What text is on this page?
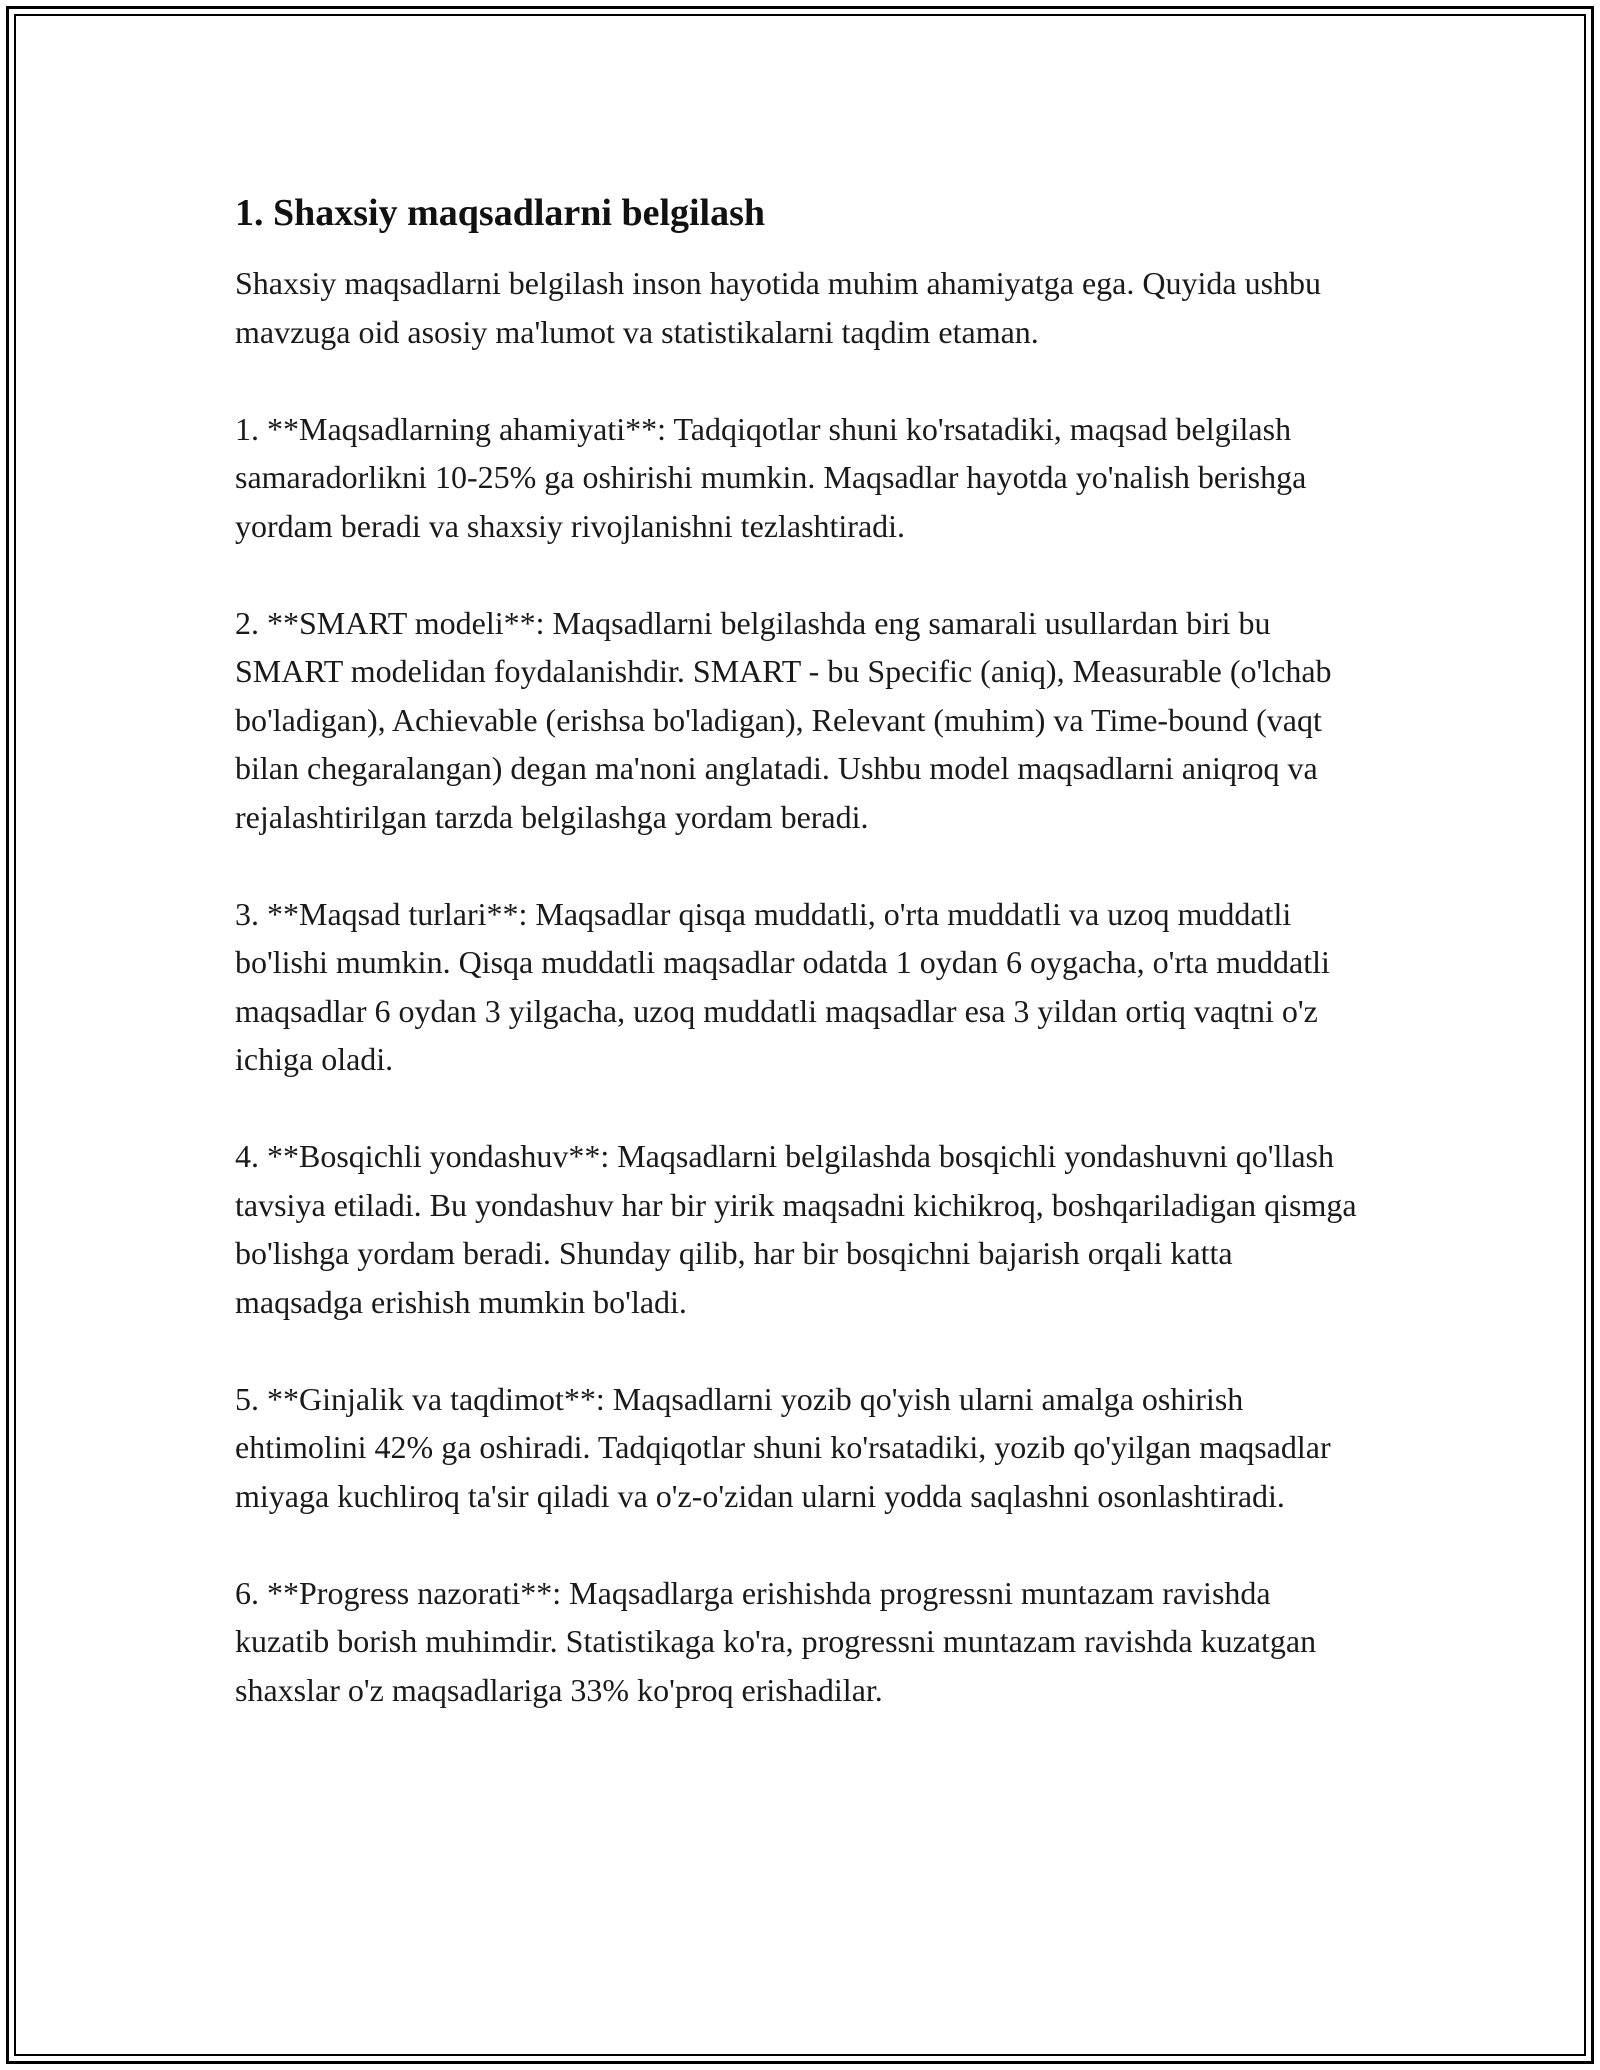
1. Shaxsiy maqsadlarni belgilash

Shaxsiy maqsadlarni belgilash inson hayotida muhim ahamiyatga ega. Quyida ushbu mavzuga oid asosiy ma'lumot va statistikalarni taqdim etaman.

1. **Maqsadlarning ahamiyati**: Tadqiqotlar shuni ko'rsatadiki, maqsad belgilash samaradorlikni 10-25% ga oshirishi mumkin. Maqsadlar hayotda yo'nalish berishga yordam beradi va shaxsiy rivojlanishni tezlashtiradi.

2. **SMART modeli**: Maqsadlarni belgilashda eng samarali usullardan biri bu SMART modelidan foydalanishdir. SMART - bu Specific (aniq), Measurable (o'lchab bo'ladigan), Achievable (erishsa bo'ladigan), Relevant (muhim) va Time-bound (vaqt bilan chegaralangan) degan ma'noni anglatadi. Ushbu model maqsadlarni aniqroq va rejalashtirilgan tarzda belgilashga yordam beradi.

3. **Maqsad turlari**: Maqsadlar qisqa muddatli, o'rta muddatli va uzoq muddatli bo'lishi mumkin. Qisqa muddatli maqsadlar odatda 1 oydan 6 oygacha, o'rta muddatli maqsadlar 6 oydan 3 yilgacha, uzoq muddatli maqsadlar esa 3 yildan ortiq vaqtni o'z ichiga oladi.

4. **Bosqichli yondashuv**: Maqsadlarni belgilashda bosqichli yondashuvni qo'llash tavsiya etiladi. Bu yondashuv har bir yirik maqsadni kichikroq, boshqariladigan qismga bo'lishga yordam beradi. Shunday qilib, har bir bosqichni bajarish orqali katta maqsadga erishish mumkin bo'ladi.

5. **Ginjalik va taqdimot**: Maqsadlarni yozib qo'yish ularni amalga oshirish ehtimolini 42% ga oshiradi. Tadqiqotlar shuni ko'rsatadiki, yozib qo'yilgan maqsadlar miyaga kuchliroq ta'sir qiladi va o'z-o'zidan ularni yodda saqlashni osonlashtiradi.

6. **Progress nazorati**: Maqsadlarga erishishda progressni muntazam ravishda kuzatib borish muhimdir. Statistikaga ko'ra, progressni muntazam ravishda kuzatgan shaxslar o'z maqsadlariga 33% ko'proq erishadilar.
